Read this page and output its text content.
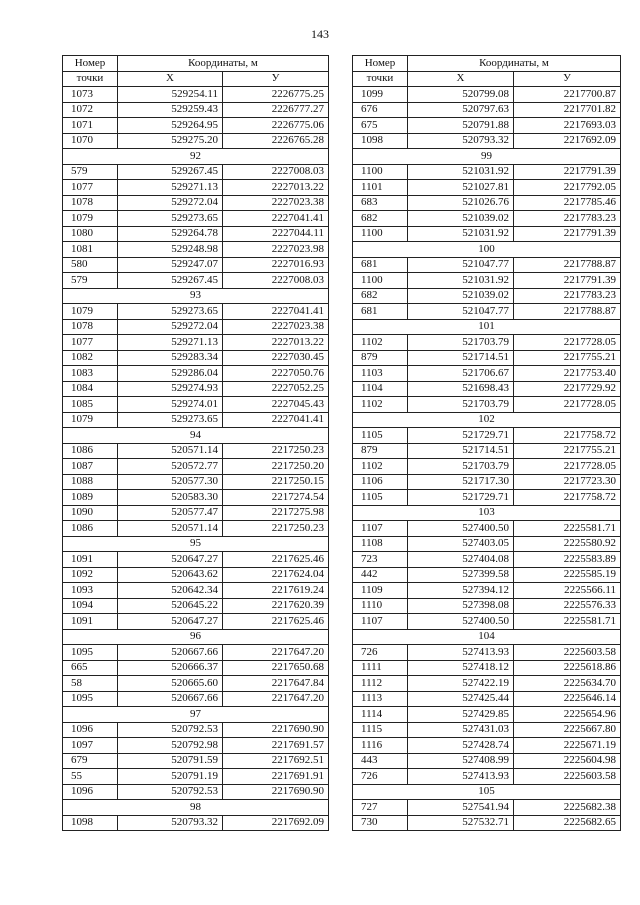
143
Номер	Координаты, м	
точки	X	У
1073	529254.11	2226775.25
1072	529259.43	2226777.27
1071	529264.95	2226775.06
1070	529275.20	2226765.28
92		
579	529267.45	2227008.03
1077	529271.13	2227013.22
1078	529272.04	2227023.38
1079	529273.65	2227041.41
1080	529264.78	2227044.11
1081	529248.98	2227023.98
580	529247.07	2227016.93
579	529267.45	2227008.03
93		
1079	529273.65	2227041.41
1078	529272.04	2227023.38
1077	529271.13	2227013.22
1082	529283.34	2227030.45
1083	529286.04	2227050.76
1084	529274.93	2227052.25
1085	529274.01	2227045.43
1079	529273.65	2227041.41
94		
1086	520571.14	2217250.23
1087	520572.77	2217250.20
1088	520577.30	2217250.15
1089	520583.30	2217274.54
1090	520577.47	2217275.98
1086	520571.14	2217250.23
95		
1091	520647.27	2217625.46
1092	520643.62	2217624.04
1093	520642.34	2217619.24
1094	520645.22	2217620.39
1091	520647.27	2217625.46
96		
1095	520667.66	2217647.20
665	520666.37	2217650.68
58	520665.60	2217647.84
1095	520667.66	2217647.20
97		
1096	520792.53	2217690.90
1097	520792.98	2217691.57
679	520791.59	2217692.51
55	520791.19	2217691.91
1096	520792.53	2217690.90
98		
1098	520793.32	2217692.09
Номер	Координаты, м	
точки	X	У
1099	520799.08	2217700.87
676	520797.63	2217701.82
675	520791.88	2217693.03
1098	520793.32	2217692.09
99		
1100	521031.92	2217791.39
1101	521027.81	2217792.05
683	521026.76	2217785.46
682	521039.02	2217783.23
1100	521031.92	2217791.39
100		
681	521047.77	2217788.87
1100	521031.92	2217791.39
682	521039.02	2217783.23
681	521047.77	2217788.87
101		
1102	521703.79	2217728.05
879	521714.51	2217755.21
1103	521706.67	2217753.40
1104	521698.43	2217729.92
1102	521703.79	2217728.05
102		
1105	521729.71	2217758.72
879	521714.51	2217755.21
1102	521703.79	2217728.05
1106	521717.30	2217723.30
1105	521729.71	2217758.72
103		
1107	527400.50	2225581.71
1108	527403.05	2225580.92
723	527404.08	2225583.89
442	527399.58	2225585.19
1109	527394.12	2225566.11
1110	527398.08	2225576.33
1107	527400.50	2225581.71
104		
726	527413.93	2225603.58
1111	527418.12	2225618.86
1112	527422.19	2225634.70
1113	527425.44	2225646.14
1114	527429.85	2225654.96
1115	527431.03	2225667.80
1116	527428.74	2225671.19
443	527408.99	2225604.98
726	527413.93	2225603.58
105		
727	527541.94	2225682.38
730	527532.71	2225682.65
